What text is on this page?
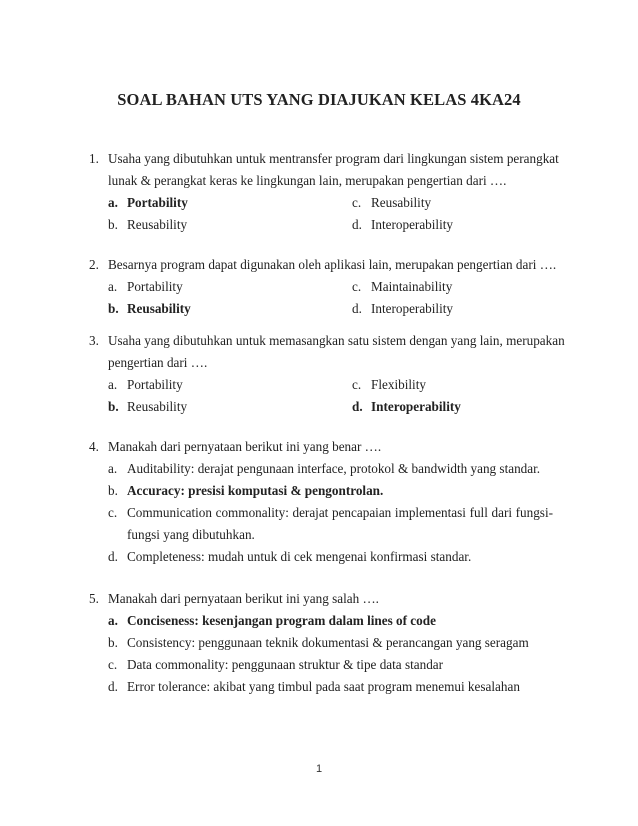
SOAL BAHAN UTS YANG DIAJUKAN KELAS 4KA24
1. Usaha yang dibutuhkan untuk mentransfer program dari lingkungan sistem perangkat
lunak & perangkat keras ke lingkungan lain, merupakan pengertian dari ….
a. Portability	c. Reusability
b. Reusability	d. Interoperability
2. Besarnya program dapat digunakan oleh aplikasi lain, merupakan pengertian dari ….
a. Portability	c. Maintainability
b. Reusability	d. Interoperability
3. Usaha yang dibutuhkan untuk memasangkan satu sistem dengan yang lain, merupakan
pengertian dari ….
a. Portability	c. Flexibility
b. Reusability	d. Interoperability
4. Manakah dari pernyataan berikut ini yang benar ….
a. Auditability: derajat pengunaan interface, protokol & bandwidth yang standar.
b. Accuracy: presisi komputasi & pengontrolan.
c. Communication commonality: derajat pencapaian implementasi full dari fungsi-
fungsi yang dibutuhkan.
d. Completeness: mudah untuk di cek mengenai konfirmasi standar.
5. Manakah dari pernyataan berikut ini yang salah ….
a. Conciseness: kesenjangan program dalam lines of code
b. Consistency: penggunaan teknik dokumentasi & perancangan yang seragam
c. Data commonality: penggunaan struktur & tipe data standar
d. Error tolerance: akibat yang timbul pada saat program menemui kesalahan
1
